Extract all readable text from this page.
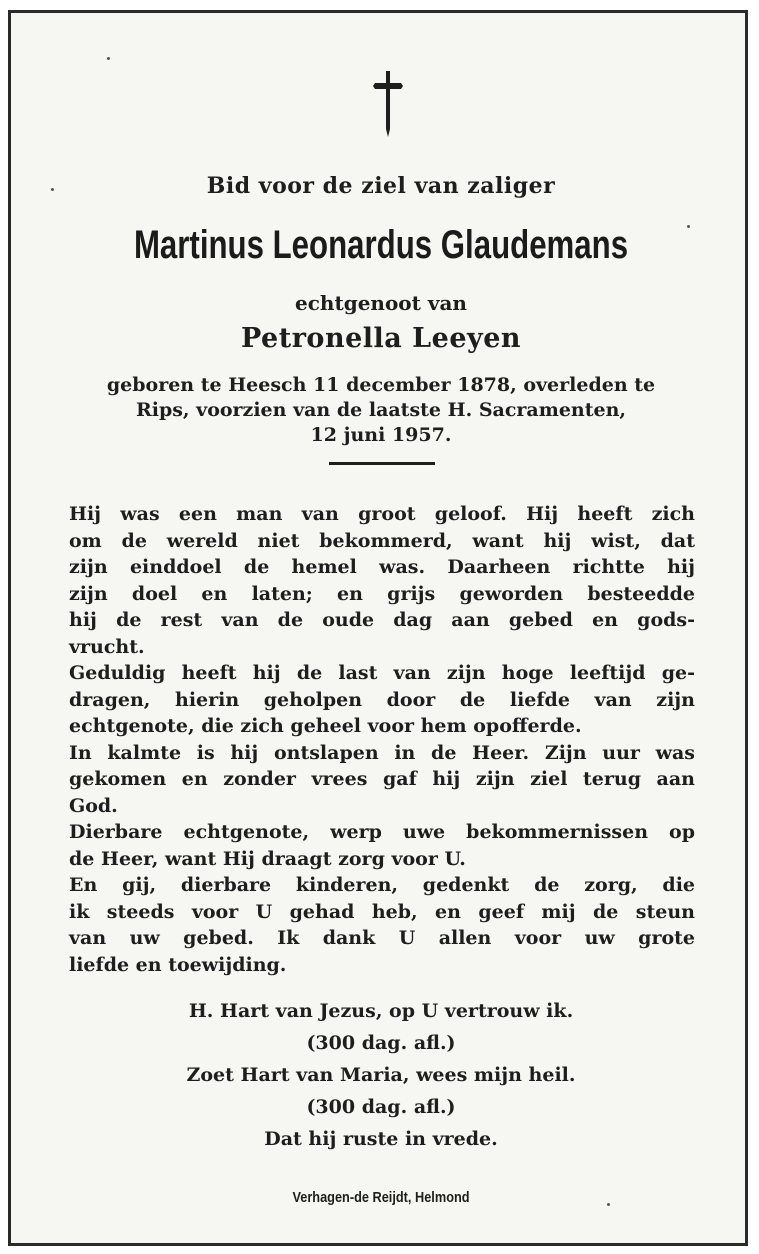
Bid voor de ziel van zaliger
Martinus Leonardus Glaudemans
echtgenoot van
Petronella Leeyen
geboren te Heesch 11 december 1878, overleden te
Rips, voorzien van de laatste H. Sacramenten,
12 juni 1957.
Hij was een man van groot geloof. Hij heeft zich
om de wereld niet bekommerd, want hij wist, dat
zijn einddoel de hemel was. Daarheen richtte hij
zijn doel en laten; en grijs geworden besteedde
hij de rest van de oude dag aan gebed en gods-
vrucht.
Geduldig heeft hij de last van zijn hoge leeftijd ge-
dragen, hierin geholpen door de liefde van zijn
echtgenote, die zich geheel voor hem opofferde.
In kalmte is hij ontslapen in de Heer. Zijn uur was
gekomen en zonder vrees gaf hij zijn ziel terug aan
God.
Dierbare echtgenote, werp uwe bekommernissen op
de Heer, want Hij draagt zorg voor U.
En gij, dierbare kinderen, gedenkt de zorg, die
ik steeds voor U gehad heb, en geef mij de steun
van uw gebed. Ik dank U allen voor uw grote
liefde en toewijding.
H. Hart van Jezus, op U vertrouw ik.
(300 dag. afl.)
Zoet Hart van Maria, wees mijn heil.
(300 dag. afl.)
Dat hij ruste in vrede.
Verhagen-de Reijdt, Helmond
